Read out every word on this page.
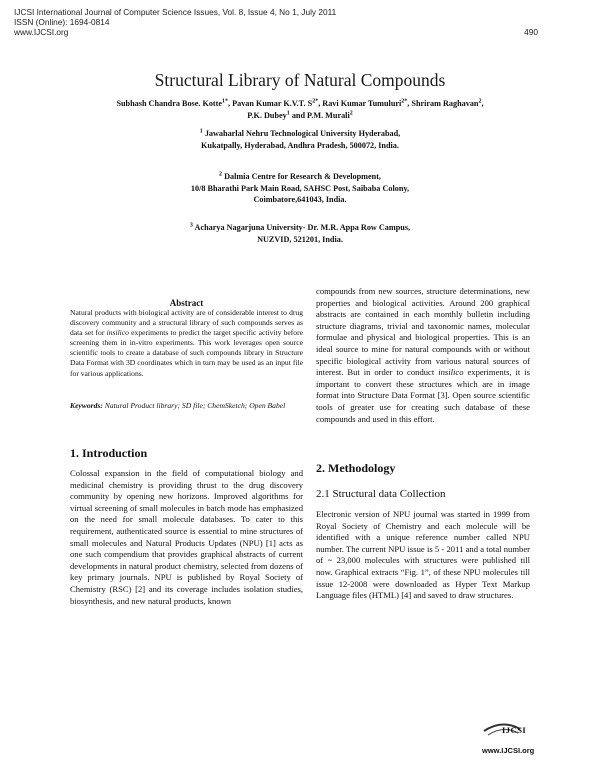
IJCSI International Journal of Computer Science Issues, Vol. 8, Issue 4, No 1, July 2011
ISSN (Online): 1694-0814
www.IJCSI.org	490
Structural Library of Natural Compounds
Subhash Chandra Bose. Kotte$^{1*}$, Pavan Kumar K.V.T. $S^{2*}$, Ravi Kumar Tumuluri$^{2*}$, Shriram Raghavan$^2$,
P.K. Dubey$^1$ and P.M. Murali$^2$
$^1$ Jawaharlal Nehru Technological University Hyderabad,
Kukatpally, Hyderabad, Andhra Pradesh, 500072, India.
$^2$ Dalmia Centre for Research & Development,
10/8 Bharathi Park Main Road, SAHSC Post, Saibaba Colony,
Coimbatore,641043, India.
$^3$ Acharya Nagarjuna University- Dr. M.R. Appa Row Campus,
NUZVID, 521201, India.
Abstract
Natural products with biological activity are of considerable interest to drug discovery community and a structural library of such compounds serves as data set for insilico experiments to predict the target specific activity before screening them in in-vitro experiments. This work leverages open source scientific tools to create a database of such compounds library in Structure Data Format with 3D coordinates which in turn may be used as an input file for various applications.
Keywords: Natural Product library; SD file; ChemSketch; Open Babel
1. Introduction
Colossal expansion in the field of computational biology and medicinal chemistry is providing thrust to the drug discovery community by opening new horizons. Improved algorithms for virtual screening of small molecules in batch mode has emphasized on the need for small molecule databases. To cater to this requirement, authenticated source is essential to mine structures of small molecules and Natural Products Updates (NPU) [1] acts as one such compendium that provides graphical abstracts of current developments in natural product chemistry, selected from dozens of key primary journals. NPU is published by Royal Society of Chemistry (RSC) [2] and its coverage includes isolation studies, biosynthesis, and new natural products, known
compounds from new sources, structure determinations, new properties and biological activities. Around 200 graphical abstracts are contained in each monthly bulletin including structure diagrams, trivial and taxonomic names, molecular formulae and physical and biological properties. This is an ideal source to mine for natural compounds with or without specific biological activity from various natural sources of interest. But in order to conduct insilico experiments, it is important to convert these structures which are in image format into Structure Data Format [3]. Open source scientific tools of greater use for creating such database of these compounds and used in this effort.
2. Methodology
2.1 Structural data Collection
Electronic version of NPU journal was started in 1999 from Royal Society of Chemistry and each molecule will be identified with a unique reference number called NPU number. The current NPU issue is 5 - 2011 and a total number of ~ 23,000 molecules with structures were published till now. Graphical extracts “Fig. 1”, of these NPU molecules till issue 12-2008 were downloaded as Hyper Text Markup Language files (HTML) [4] and saved to draw structures.
IJCSI
www.IJCSI.org
